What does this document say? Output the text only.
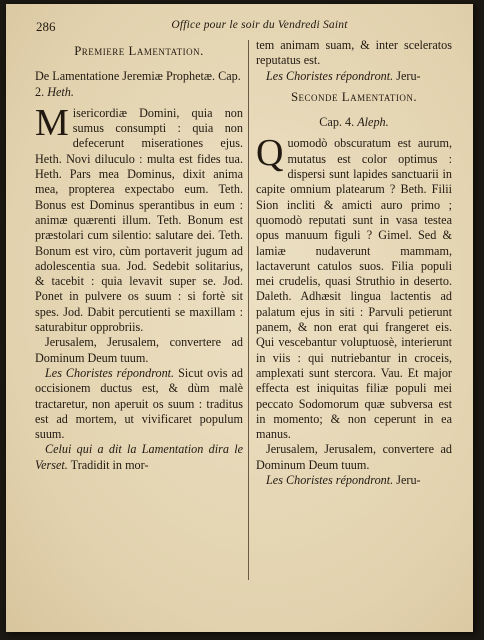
286	Office pour le soir du Vendredi Saint
Premiere Lamentation.

De Lamentatione Jeremiæ Prophetæ. Cap. 2. Heth.

Misericordiæ Domini, quia non sumus consumpti : quia non defecerunt miserationes ejus. Heth. Novi diluculo : multa est fides tua. Heth. Pars mea Dominus, dixit anima mea, propterea expectabo eum. Teth. Bonus est Dominus sperantibus in eum : animæ quærenti illum. Teth. Bonum est præstolari cum silentio: salutare dei. Teth. Bonum est viro, cùm portaverit jugum ad adolescentia sua. Jod. Sedebit solitarius, & tacebit : quia levavit super se. Jod. Ponet in pulvere os suum : si fortè sit spes. Jod. Dabit percutienti se maxillam : saturabitur opprobriis.

Jerusalem, Jerusalem, convertere ad Dominum Deum tuum.

Les Choristes répondront. Sicut ovis ad occisionem ductus est, & dùm malè tractaretur, non aperuit os suum : traditus est ad mortem, ut vivificaret populum suum.

Celui qui a dit la Lamentation dira le Verset. Tradidit in mor-

tem animam suam, & inter sceleratos reputatus est.

Les Choristes répondront. Jeru-

Seconde Lamentation.

Cap. 4. Aleph.

Quomodò obscuratum est aurum, mutatus est color optimus : dispersi sunt lapides sanctuarii in capite omnium platearum ? Beth. Filii Sion incliti & amicti auro primo ; quomodò reputati sunt in vasa testea opus manuum figuli ? Gimel. Sed & lamiæ nudaverunt mammam, lactaverunt catulos suos. Filia populi mei crudelis, quasi Struthio in deserto. Daleth. Adhæsit lingua lactentis ad palatum ejus in siti : Parvuli petierunt panem, & non erat qui frangeret eis. Qui vescebantur voluptuosè, interierunt in viis : qui nutriebantur in croceis, amplexati sunt stercora. Vau. Et major effecta est iniquitas filiæ populi mei peccato Sodomorum quæ subversa est in momento; & non ceperunt in ea manus.

Jerusalem, Jerusalem, convertere ad Dominum Deum tuum.

Les Choristes répondront. Jeru-
